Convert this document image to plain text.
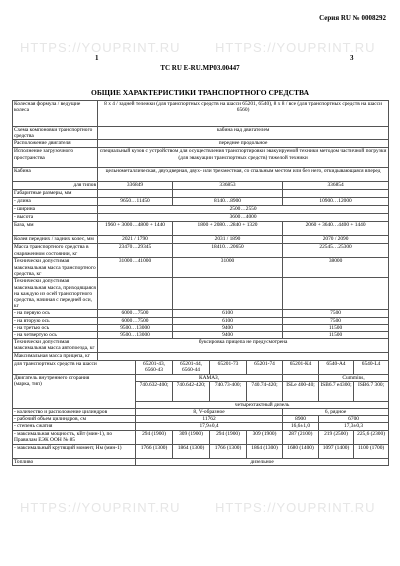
Серия RU № 0008292
1	3
ТС RU E-RU.МР03.00447
ОБЩИЕ ХАРАКТЕРИСТИКИ ТРАНСПОРТНОГО СРЕДСТВА
Колесная формула / ведущие колеса	8 х 4 / задней тележки (для транспортных средств на шасси 65201, 6540), 8 х 8 / все (для транспортных средств на шасси 6560)							
Схема компоновки транспортного средства	кабина над двигателем							
Расположение двигателя	переднее продольное							
Исполнение загрузочного пространства	специальный кузов с устройством для осуществления транспортировки эвакуируемой техники методом частичной погрузки (для эвакуации транспортных средств) тяжелой техники							
Кабина	цельнометаллическая, двухдверная, двух- или трехместная, со спальным местом или без него, откидывающаяся вперед							
для типов	336849		336853			336854		
Габаритные размеры, мм								
- длина	9650…11450		8140…8900			10900…12000		
- ширина	2500…2550							
- высота	3600…4000							
База, мм	1960 + 3000…4800 + 1440		1800 + 2080…2840 + 1320			2060 + 3640…4400 + 1440		
Колея передних / задних колес, мм	2021 / 1790		2031 / 1890			2070 / 2090		
Масса транспортного средства в снаряженном состоянии, кг	23470…29345		18410…20650			22545…25300		
Технически допустимая максимальная масса транспортного средства, кг	31000…41000		31000			38000		
Технически допустимая максимальная масса, приходящаяся на каждую из осей транспортного средства, начиная с передней оси, кг								
- на первую ось	6000…7500		6100			7500		
- на вторую ось	6000…7500		6100			7500		
- на третью ось	9500…13000		9400			11500		
- на четвертую ось	9500…13000		9400			11500		
Технически допустимая максимальная масса автопоезда, кг	буксировка прицепа не предусмотрена							
Максимальная масса прицепа, кг								
для транспортных средств на шасси		65201-43, 6560-43	65201-44, 6560-44	65201-73	65201-74	65201-К4	6540-А4	6540-L4

Двигатель внутреннего сгорания
(марка, тип)		КАМАЗ,					Cummins,	
		740.632-400;	740.642-420;	740.73-400;	740.74-420;	ISLe 400-40;	ISB6.7 e4300;	ISB6.7 300;
		четырехтактный дизель						
- количество и расположение цилиндров		8, V-образное				6, рядное		
- рабочий объем цилиндров, см		11762				8900	6700	
- степень сжатия		17,9±0,4				16,6±1,0	17,3±0,3	
- максимальная мощность, кВт (мин-1), по Правилам ЕЭК ООН № 85		294 (1900)	309 (1900)	294 (1900)	309 (1900)	287 (2100)	219 (2500)	225,6 (2300)
- максимальный крутящий момент, Нм (мин-1)		1766 (1300)	1864 (1300)	1766 (1300)	1864 (1300)	1680 (1400)	1097 (1400)	1100 (1700)
Топливо		дизельное						
HTTPS://YOUPRINT.RU	HTTPS://YOUPRINT.RU
HTTPS://YOUPRINT.RU	HTTPS://YOUPRINT.RU
